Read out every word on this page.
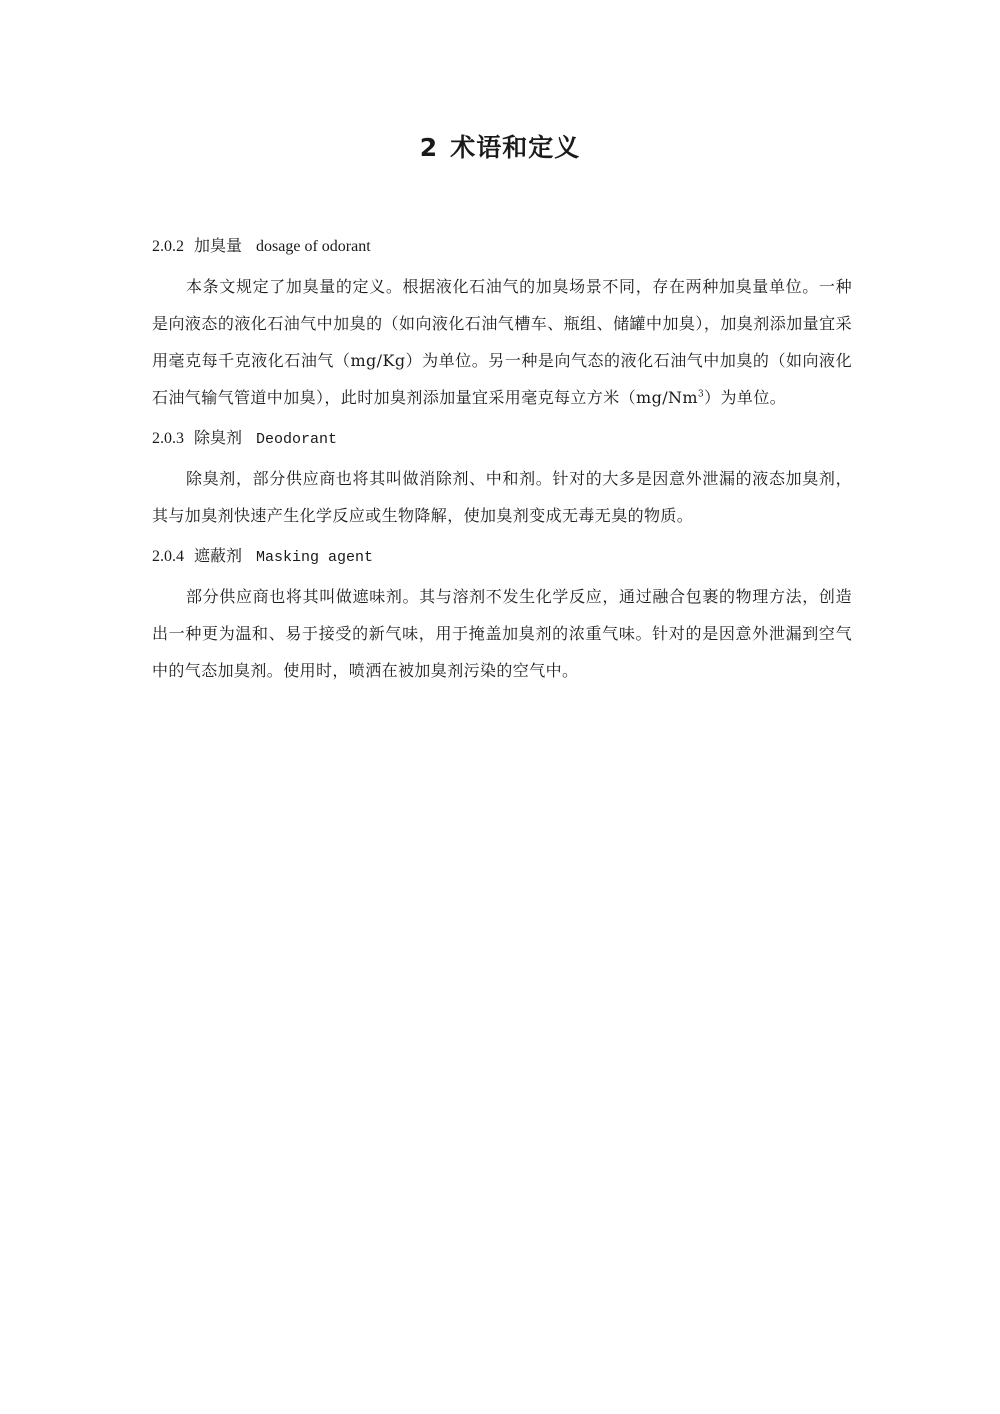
2 术语和定义

2.0.2 加臭量 dosage of odorant

本条文规定了加臭量的定义。根据液化石油气的加臭场景不同，存在两种加臭量单位。一种是向液态的液化石油气中加臭的（如向液化石油气槽车、瓶组、储罐中加臭），加臭剂添加量宜采用毫克每千克液化石油气（mg/Kg）为单位。另一种是向气态的液化石油气中加臭的（如向液化石油气输气管道中加臭），此时加臭剂添加量宜采用毫克每立方米（mg/Nm$^3$）为单位。

2.0.3 除臭剂 Deodorant

除臭剂，部分供应商也将其叫做消除剂、中和剂。针对的大多是因意外泄漏的液态加臭剂，其与加臭剂快速产生化学反应或生物降解，使加臭剂变成无毒无臭的物质。

2.0.4 遮蔽剂 Masking agent

部分供应商也将其叫做遮味剂。其与溶剂不发生化学反应，通过融合包裹的物理方法，创造出一种更为温和、易于接受的新气味，用于掩盖加臭剂的浓重气味。针对的是因意外泄漏到空气中的气态加臭剂。使用时，喷洒在被加臭剂污染的空气中。
